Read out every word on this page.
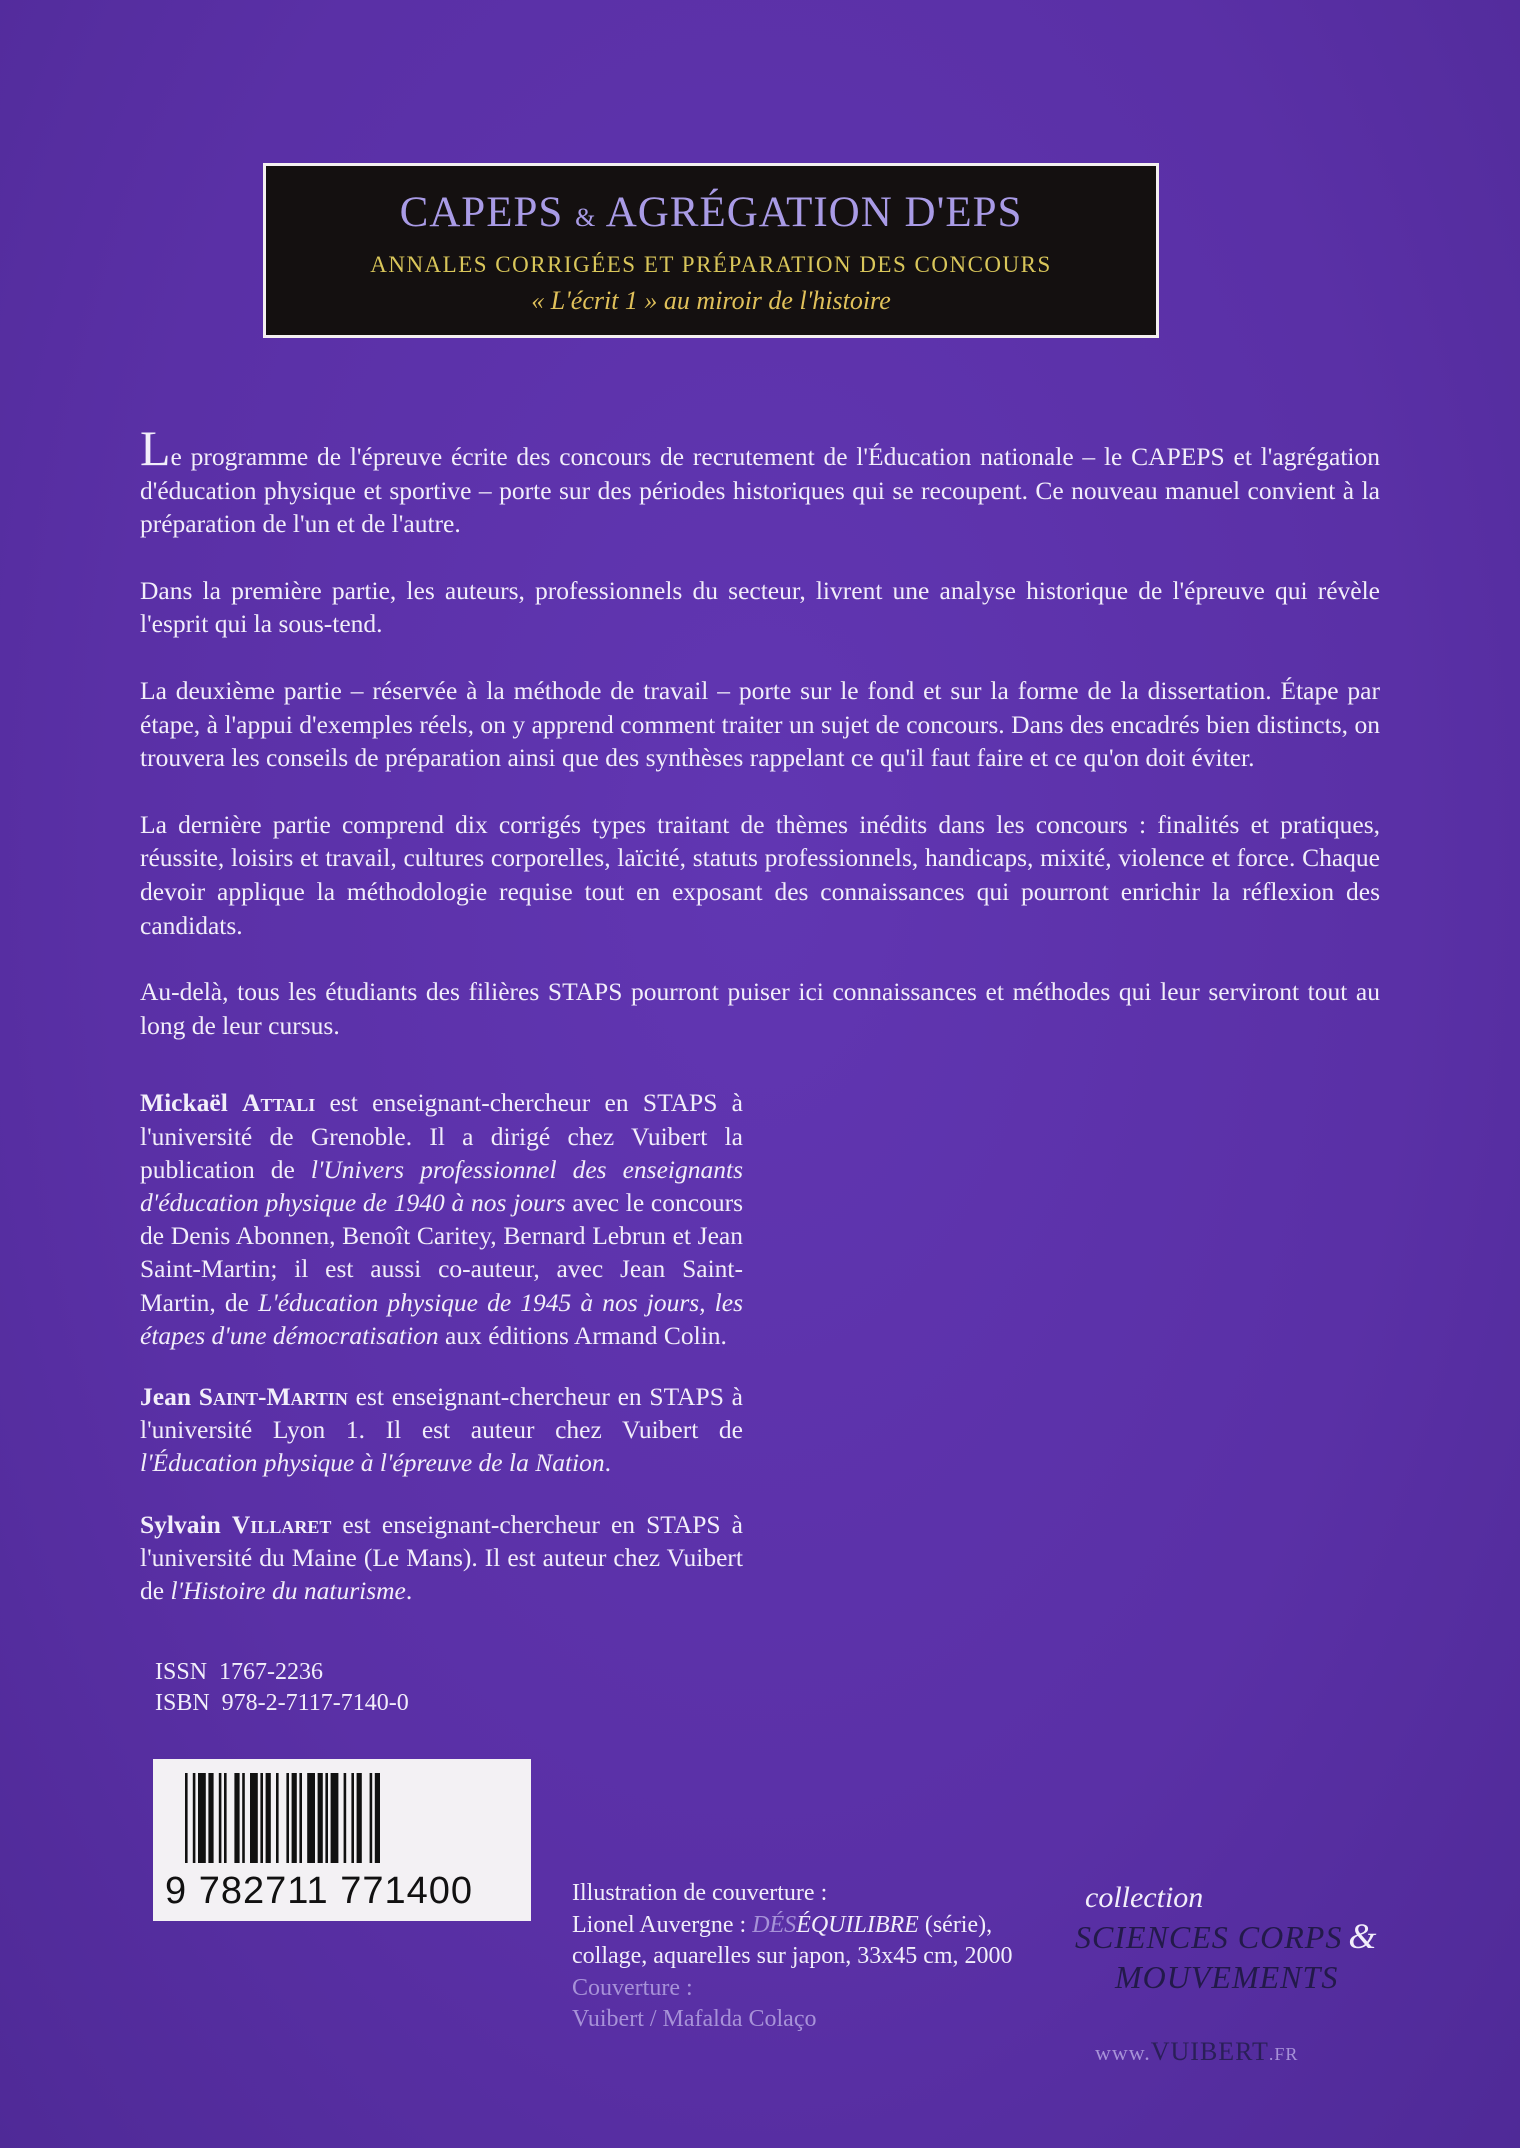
CAPEPS & AGRÉGATION D'EPS
ANNALES CORRIGÉES ET PRÉPARATION DES CONCOURS
« L'écrit 1 » au miroir de l'histoire

Le programme de l'épreuve écrite des concours de recrutement de l'Éducation nationale – le CAPEPS et l'agrégation d'éducation physique et sportive – porte sur des périodes historiques qui se recoupent. Ce nouveau manuel convient à la préparation de l'un et de l'autre.

Dans la première partie, les auteurs, professionnels du secteur, livrent une analyse historique de l'épreuve qui révèle l'esprit qui la sous-tend.

La deuxième partie – réservée à la méthode de travail – porte sur le fond et sur la forme de la dissertation. Étape par étape, à l'appui d'exemples réels, on y apprend comment traiter un sujet de concours. Dans des encadrés bien distincts, on trouvera les conseils de préparation ainsi que des synthèses rappelant ce qu'il faut faire et ce qu'on doit éviter.

La dernière partie comprend dix corrigés types traitant de thèmes inédits dans les concours : finalités et pratiques, réussite, loisirs et travail, cultures corporelles, laïcité, statuts professionnels, handicaps, mixité, violence et force. Chaque devoir applique la méthodologie requise tout en exposant des connaissances qui pourront enrichir la réflexion des candidats.

Au-delà, tous les étudiants des filières STAPS pourront puiser ici connaissances et méthodes qui leur serviront tout au long de leur cursus.

Mickaël Attali est enseignant-chercheur en STAPS à l'université de Grenoble. Il a dirigé chez Vuibert la publication de l'Univers professionnel des enseignants d'éducation physique de 1940 à nos jours avec le concours de Denis Abonnen, Benoît Caritey, Bernard Lebrun et Jean Saint-Martin; il est aussi co-auteur, avec Jean Saint-Martin, de L'éducation physique de 1945 à nos jours, les étapes d'une démocratisation aux éditions Armand Colin.

Jean Saint-Martin est enseignant-chercheur en STAPS à l'université Lyon 1. Il est auteur chez Vuibert de l'Éducation physique à l'épreuve de la Nation.

Sylvain Villaret est enseignant-chercheur en STAPS à l'université du Maine (Le Mans). Il est auteur chez Vuibert de l'Histoire du naturisme.

ISSN  1767-2236
ISBN  978-2-7117-7140-0
9 782711 771400	Illustration de couverture :
Lionel Auvergne : DÉSÉQUILIBRE (série), collage, aquarelles sur japon, 33x45 cm, 2000
Couverture :
Vuibert / Mafalda Colaço
collection
SCIENCES CORPS &
MOUVEMENTS
www.VUIBERT.FR
